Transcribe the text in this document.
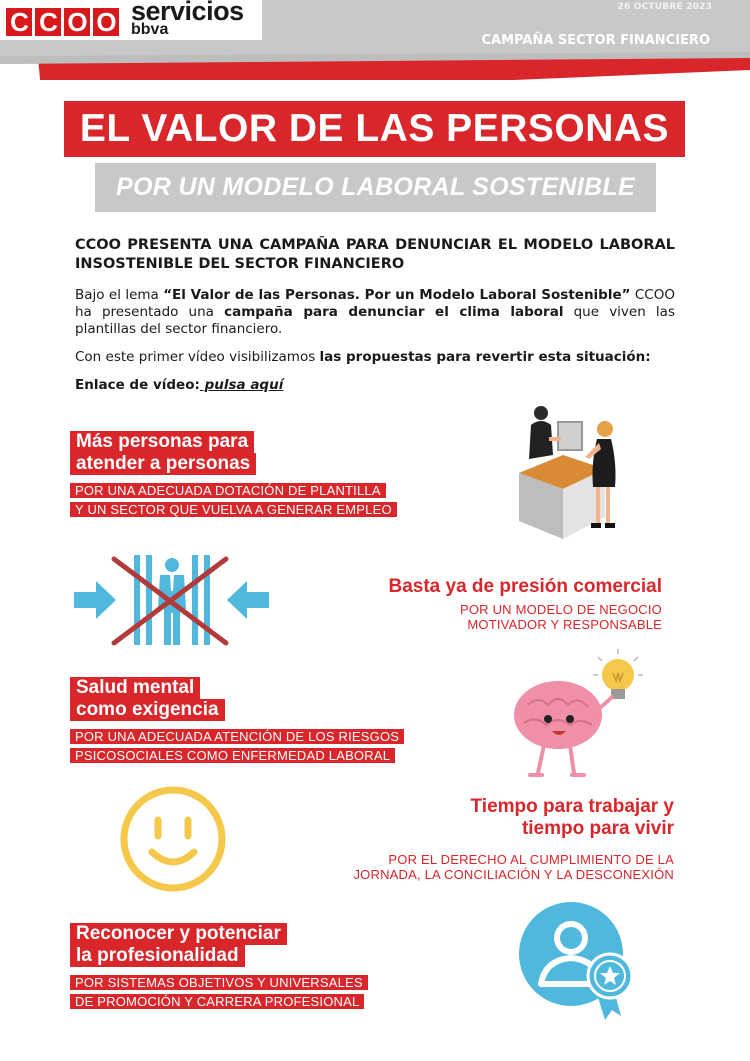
C C O O servicios
bbva
26 OCTUBRE 2023
CAMPAÑA SECTOR FINANCIERO
EL VALOR DE LAS PERSONAS
POR UN MODELO LABORAL SOSTENIBLE
CCOO PRESENTA UNA CAMPAÑA PARA DENUNCIAR EL MODELO LABORAL INSOSTENIBLE DEL SECTOR FINANCIERO
Bajo el lema “El Valor de las Personas. Por un Modelo Laboral Sostenible” CCOO ha presentado una campaña para denunciar el clima laboral que viven las plantillas del sector financiero.
Con este primer vídeo visibilizamos las propuestas para revertir esta situación:
Enlace de vídeo: pulsa aquí
Más personas para
atender a personas
POR UNA ADECUADA DOTACIÓN DE PLANTILLA
Y UN SECTOR QUE VUELVA A GENERAR EMPLEO
Basta ya de presión comercial
POR UN MODELO DE NEGOCIO
MOTIVADOR Y RESPONSABLE
Salud mental
como exigencia
POR UNA ADECUADA ATENCIÓN DE LOS RIESGOS
PSICOSOCIALES COMO ENFERMEDAD LABORAL
Tiempo para trabajar y
tiempo para vivir
POR EL DERECHO AL CUMPLIMIENTO DE LA
JORNADA, LA CONCILIACIÓN Y LA DESCONEXIÓN
Reconocer y potenciar
la profesionalidad
POR SISTEMAS OBJETIVOS Y UNIVERSALES
DE PROMOCIÓN Y CARRERA PROFESIONAL
